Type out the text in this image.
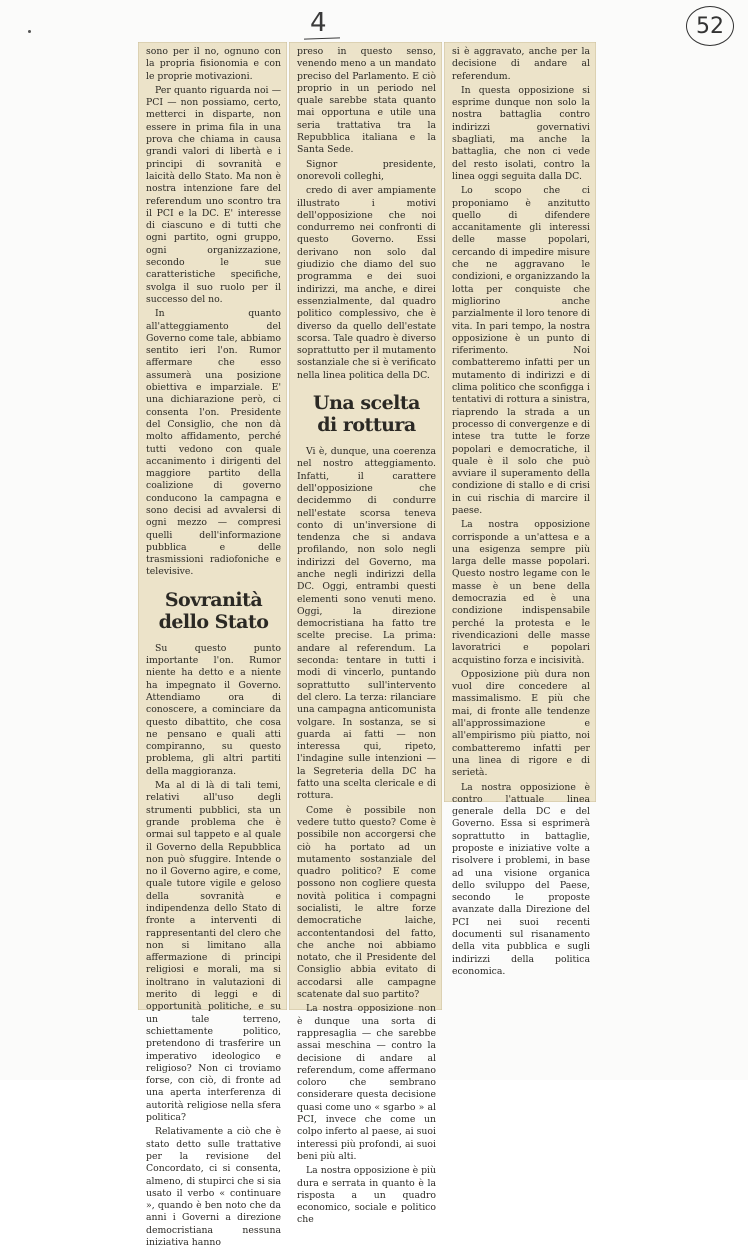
4	52

sono per il no, ognuno con la propria fisionomia e con le proprie motivazioni.

Per quanto riguarda noi — PCI — non possiamo, certo, metterci in disparte, non essere in prima fila in una prova che chiama in causa grandi valori di libertà e i principi di sovranità e laicità dello Stato. Ma non è nostra intenzione fare del referendum uno scontro tra il PCI e la DC. E' interesse di ciascuno e di tutti che ogni partito, ogni gruppo, ogni organizzazione, secondo le sue caratteristiche specifiche, svolga il suo ruolo per il successo del no.

In quanto all'atteggiamento del Governo come tale, abbiamo sentito ieri l'on. Rumor affermare che esso assumerà una posizione obiettiva e imparziale. E' una dichiarazione però, ci consenta l'on. Presidente del Consiglio, che non dà molto affidamento, perché tutti vedono con quale accanimento i dirigenti del maggiore partito della coalizione di governo conducono la campagna e sono decisi ad avvalersi di ogni mezzo — compresi quelli dell'informazione pubblica e delle trasmissioni radiofoniche e televisive.

Sovranità
dello Stato

Su questo punto importante l'on. Rumor niente ha detto e a niente ha impegnato il Governo. Attendiamo ora di conoscere, a cominciare da questo dibattito, che cosa ne pensano e quali atti compiranno, su questo problema, gli altri partiti della maggioranza.

Ma al di là di tali temi, relativi all'uso degli strumenti pubblici, sta un grande problema che è ormai sul tappeto e al quale il Governo della Repubblica non può sfuggire. Intende o no il Governo agire, e come, quale tutore vigile e geloso della sovranità e indipendenza dello Stato di fronte a interventi di rappresentanti del clero che non si limitano alla affermazione di principi religiosi e morali, ma si inoltrano in valutazioni di merito di leggi e di opportunità politiche, e su un tale terreno, schiettamente politico, pretendono di trasferire un imperativo ideologico e religioso? Non ci troviamo forse, con ciò, di fronte ad una aperta interferenza di autorità religiose nella sfera politica?

Relativamente a ciò che è stato detto sulle trattative per la revisione del Concordato, ci si consenta, almeno, di stupirci che si sia usato il verbo « continuare », quando è ben noto che da anni i Governi a direzione democristiana nessuna iniziativa hanno

preso in questo senso, venendo meno a un mandato preciso del Parlamento. E ciò proprio in un periodo nel quale sarebbe stata quanto mai opportuna e utile una seria trattativa tra la Repubblica italiana e la Santa Sede.

Signor presidente, onorevoli colleghi,

credo di aver ampiamente illustrato i motivi dell'opposizione che noi condurremo nei confronti di questo Governo. Essi derivano non solo dal giudizio che diamo del suo programma e dei suoi indirizzi, ma anche, e direi essenzialmente, dal quadro politico complessivo, che è diverso da quello dell'estate scorsa. Tale quadro è diverso soprattutto per il mutamento sostanziale che si è verificato nella linea politica della DC.

Una scelta
di rottura

Vi è, dunque, una coerenza nel nostro atteggiamento. Infatti, il carattere dell'opposizione che decidemmo di condurre nell'estate scorsa teneva conto di un'inversione di tendenza che si andava profilando, non solo negli indirizzi del Governo, ma anche negli indirizzi della DC. Oggi, entrambi questi elementi sono venuti meno. Oggi, la direzione democristiana ha fatto tre scelte precise. La prima: andare al referendum. La seconda: tentare in tutti i modi di vincerlo, puntando soprattutto sull'intervento del clero. La terza: rilanciare una campagna anticomunista volgare. In sostanza, se si guarda ai fatti — non interessa qui, ripeto, l'indagine sulle intenzioni — la Segreteria della DC ha fatto una scelta clericale e di rottura.

Come è possibile non vedere tutto questo? Come è possibile non accorgersi che ciò ha portato ad un mutamento sostanziale del quadro politico? E come possono non coglierе questa novità politica i compagni socialisti, le altre forze democratiche laiche, accontentandosi del fatto, che anche noi abbiamo notato, che il Presidente del Consiglio abbia evitato di accodarsi alle campagne scatenate dal suo partito?

La nostra opposizione non è dunque una sorta di rappresaglia — che sarebbe assai meschina — contro la decisione di andare al referendum, come affermano coloro che sembrano considerare questa decisione quasi come uno « sgarbo » al PCI, invece che come un colpo inferto al paese, ai suoi interessi più profondi, ai suoi beni più alti.

La nostra opposizione è più dura e serrata in quanto è la risposta a un quadro economico, sociale e politico che

si è aggravato, anche per la decisione di andare al referendum.

In questa opposizione si esprime dunque non solo la nostra battaglia contro indirizzi governativi sbagliati, ma anche la battaglia, che non ci vede del resto isolati, contro la linea oggi seguita dalla DC.

Lo scopo che ci proponiamo è anzitutto quello di difendere accanitamente gli interessi delle masse popolari, cercando di impedire misure che ne aggravano le condizioni, e organizzando la lotta per conquiste che migliorino anche parzialmente il loro tenore di vita. In pari tempo, la nostra opposizione è un punto di riferimento. Noi combatteremo infatti per un mutamento di indirizzi e di clima politico che sconfigga i tentativi di rottura a sinistra, riaprendo la strada a un processo di convergenze e di intese tra tutte le forze popolari e democratiche, il quale è il solo che può avviare il superamento della condizione di stallo e di crisi in cui rischia di marcire il paese.

La nostra opposizione corrisponde a un'attesa e a una esigenza sempre più larga delle masse popolari. Questo nostro legame con le masse è un bene della democrazia ed è una condizione indispensabile perché la protesta e le rivendicazioni delle masse lavoratrici e popolari acquistino forza e incisività.

Opposizione più dura non vuol dire concedere al massimalismo. E più che mai, di fronte alle tendenze all'approssimazione e all'empirismo più piatto, noi combatteremo infatti per una linea di rigore e di serietà.

La nostra opposizione è contro l'attuale linea generale della DC e del Governo. Essa si esprimerà soprattutto in battaglie, proposte e iniziative volte a risolvere i problemi, in base ad una visione organica dello sviluppo del Paese, secondo le proposte avanzate dalla Direzione del PCI nei suoi recenti documenti sul risanamento della vita pubblica e sugli indirizzi della politica economica.
